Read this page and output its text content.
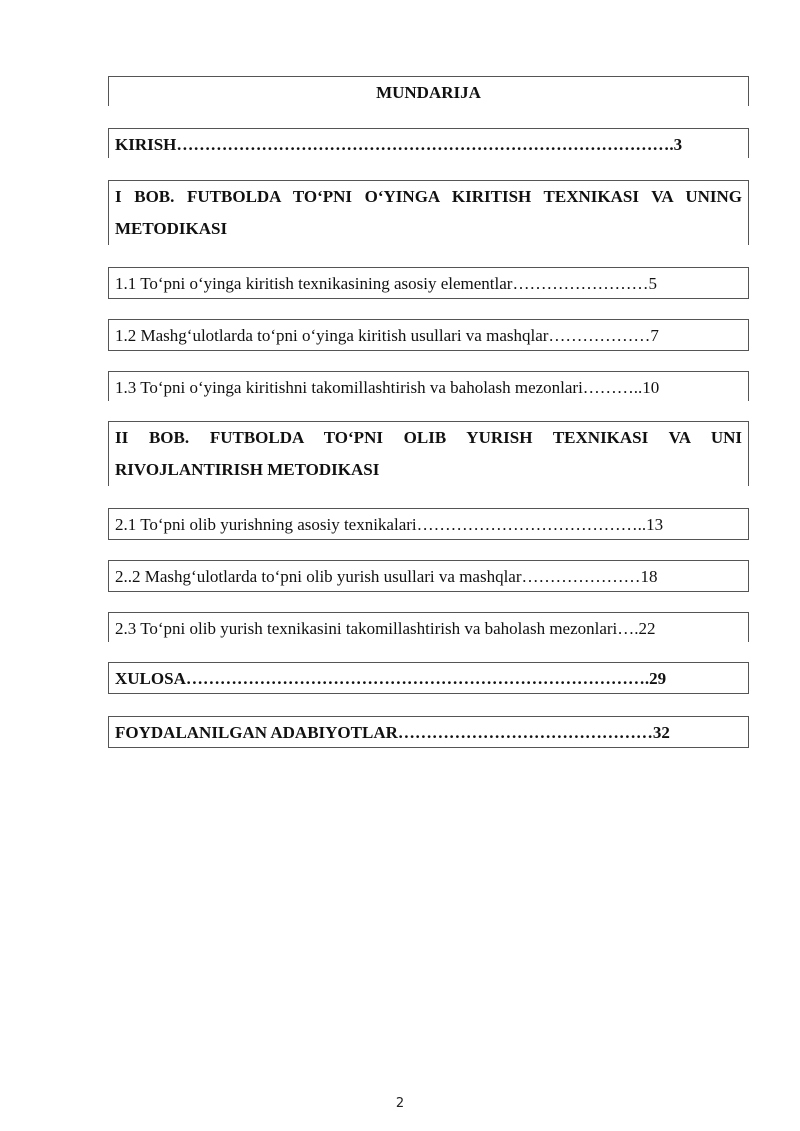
MUNDARIJA
KIRISH…………………………………………………………………………….3
I BOB. FUTBOLDA TO‘PNI O‘YINGA KIRITISH TEXNIKASI VA UNING METODIKASI
1.1 To‘pni o‘yinga kiritish texnikasining asosiy elementlar……………………5
1.2 Mashg‘ulotlarda to‘pni o‘yinga kiritish usullari va mashqlar………………7
1.3 To‘pni o‘yinga kiritishni takomillashtirish va baholash mezonlari………..10
II BOB. FUTBOLDA TO‘PNI OLIB YURISH TEXNIKASI VA UNI RIVOJLANTIRISH METODIKASI
2.1 To‘pni olib yurishning asosiy texnikalari…………………………………..13
2..2 Mashg‘ulotlarda to‘pni olib yurish usullari va mashqlar…………………18
2.3 To‘pni olib yurish texnikasini takomillashtirish va baholash mezonlari….22
XULOSA……………………………………………………………………….29
FOYDALANILGAN ADABIYOTLAR………………………………………32
2
